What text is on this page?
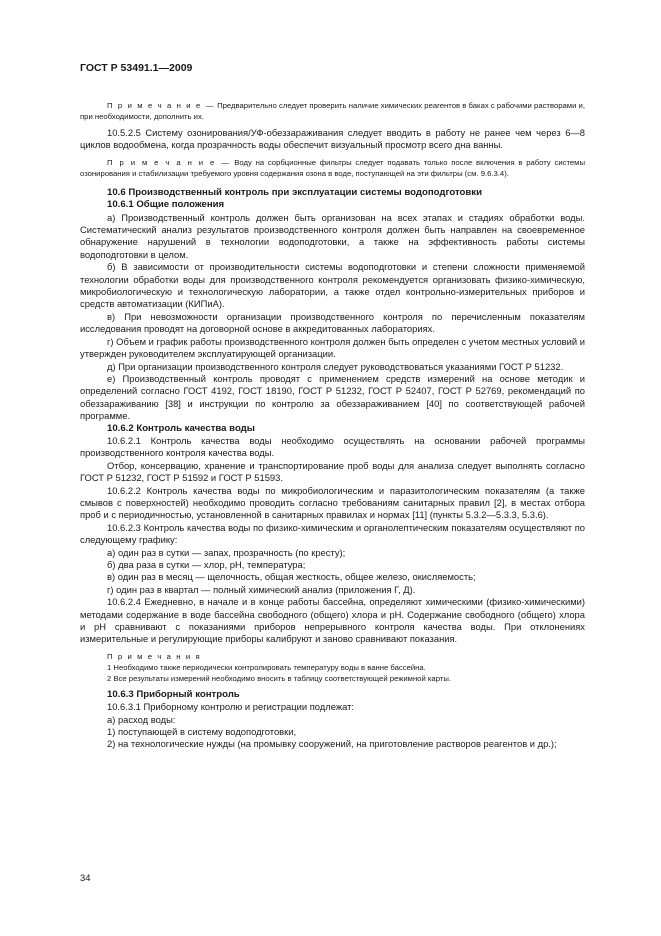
ГОСТ Р 53491.1—2009

П р и м е ч а н и е — Предварительно следует проверить наличие химических реагентов в баках с рабочими растворами и, при необходимости, дополнить их.

10.5.2.5 Систему озонирования/УФ-обеззараживания следует вводить в работу не ранее чем через 6—8 циклов водообмена, когда прозрачность воды обеспечит визуальный просмотр всего дна ванны.

П р и м е ч а н и е — Воду на сорбционные фильтры следует подавать только после включения в работу системы озонирования и стабилизации требуемого уровня содержания озона в воде, поступающей на эти фильтры (см. 9.6.3.4).

10.6 Производственный контроль при эксплуатации системы водоподготовки

10.6.1 Общие положения

а) Производственный контроль должен быть организован на всех этапах и стадиях обработки воды. Систематический анализ результатов производственного контроля должен быть направлен на своевременное обнаружение нарушений в технологии водоподготовки, а также на эффективность работы системы водоподготовки в целом.

б) В зависимости от производительности системы водоподготовки и степени сложности применяемой технологии обработки воды для производственного контроля рекомендуется организовать физико-химическую, микробиологическую и технологическую лаборатории, а также отдел контрольно-измерительных приборов и средств автоматизации (КИПиА).

в) При невозможности организации производственного контроля по перечисленным показателям исследования проводят на договорной основе в аккредитованных лабораториях.

г) Объем и график работы производственного контроля должен быть определен с учетом местных условий и утвержден руководителем эксплуатирующей организации.

д) При организации производственного контроля следует руководствоваться указаниями ГОСТ Р 51232.

е) Производственный контроль проводят с применением средств измерений на основе методик и определений согласно ГОСТ 4192, ГОСТ 18190, ГОСТ Р 51232, ГОСТ Р 52407, ГОСТ Р 52769, рекомендаций по обеззараживанию [38] и инструкции по контролю за обеззараживанием [40] по соответствующей рабочей программе.

10.6.2 Контроль качества воды

10.6.2.1 Контроль качества воды необходимо осуществлять на основании рабочей программы производственного контроля качества воды.

Отбор, консервацию, хранение и транспортирование проб воды для анализа следует выполнять согласно ГОСТ Р 51232, ГОСТ Р 51592 и ГОСТ Р 51593.

10.6.2.2 Контроль качества воды по микробиологическим и паразитологическим показателям (а также смывов с поверхностей) необходимо проводить согласно требованиям санитарных правил [2], в местах отбора проб и с периодичностью, установленной в санитарных правилах и нормах [11] (пункты 5.3.2—5.3.3, 5.3.6).

10.6.2.3 Контроль качества воды по физико-химическим и органолептическим показателям осуществляют по следующему графику:

а) один раз в сутки — запах, прозрачность (по кресту);

б) два раза в сутки — хлор, pH, температура;

в) один раз в месяц — щелочность, общая жесткость, общее железо, окисляемость;

г) один раз в квартал — полный химический анализ (приложения Г, Д).

10.6.2.4 Ежедневно, в начале и в конце работы бассейна, определяют химическими (физико-химическими) методами содержание в воде бассейна свободного (общего) хлора и pH. Содержание свободного (общего) хлора и pH сравнивают с показаниями приборов непрерывного контроля качества воды. При отклонениях измерительные и регулирующие приборы калибруют и заново сравнивают показания.

П р и м е ч а н и я

1 Необходимо также периодически контролировать температуру воды в ванне бассейна.

2 Все результаты измерений необходимо вносить в таблицу соответствующей режимной карты.

10.6.3 Приборный контроль

10.6.3.1 Приборному контролю и регистрации подлежат:

а) расход воды:

1) поступающей в систему водоподготовки,

2) на технологические нужды (на промывку сооружений, на приготовление растворов реагентов и др.);

34
